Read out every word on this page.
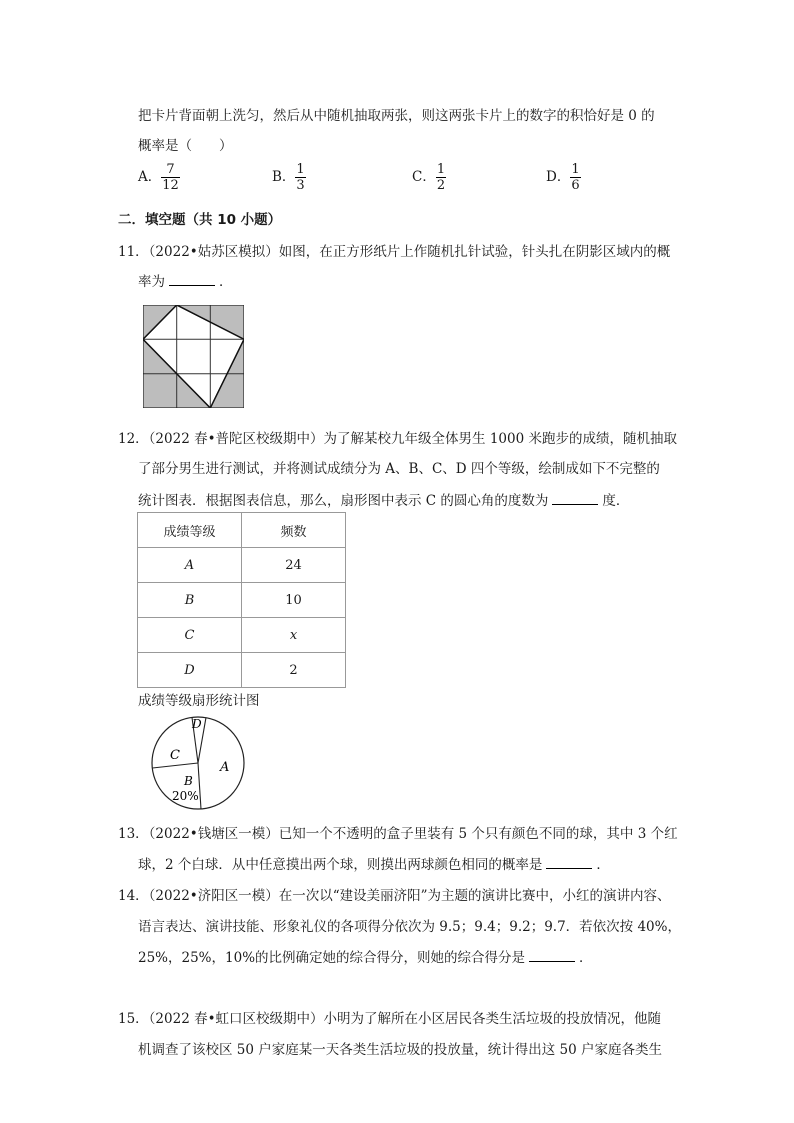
把卡片背面朝上洗匀，然后从中随机抽取两张，则这两张卡片上的数字的积恰好是 0 的
概率是（　　）
A． $\frac{7}{12}$	B． $\frac{1}{3}$	C． $\frac{1}{2}$	D． $\frac{1}{6}$
二．填空题（共 10 小题）
11．（2022•姑苏区模拟）如图，在正方形纸片上作随机扎针试验，针头扎在阴影区域内的概
率为	．
12．（2022 春•普陀区校级期中）为了解某校九年级全体男生 1000 米跑步的成绩，随机抽取
了部分男生进行测试，并将测试成绩分为 A、B、C、D 四个等级，绘制成如下不完整的
统计图表．根据图表信息，那么，扇形图中表示 C 的圆心角的度数为	度．
成绩等级	频数
A	24
B	10
C	x
D	2
成绩等级扇形统计图
D
C
A
B
20%
13．（2022•钱塘区一模）已知一个不透明的盒子里装有 5 个只有颜色不同的球，其中 3 个红
球，2 个白球．从中任意摸出两个球，则摸出两球颜色相同的概率是	．
14．（2022•济阳区一模）在一次以“建设美丽济阳”为主题的演讲比赛中，小红的演讲内容、
语言表达、演讲技能、形象礼仪的各项得分依次为 9.5；9.4；9.2；9.7．若依次按 40%，
25%，25%，10%的比例确定她的综合得分，则她的综合得分是	．
15．（2022 春•虹口区校级期中）小明为了解所在小区居民各类生活垃圾的投放情况，他随
机调查了该校区 50 户家庭某一天各类生活垃圾的投放量，统计得出这 50 户家庭各类生
